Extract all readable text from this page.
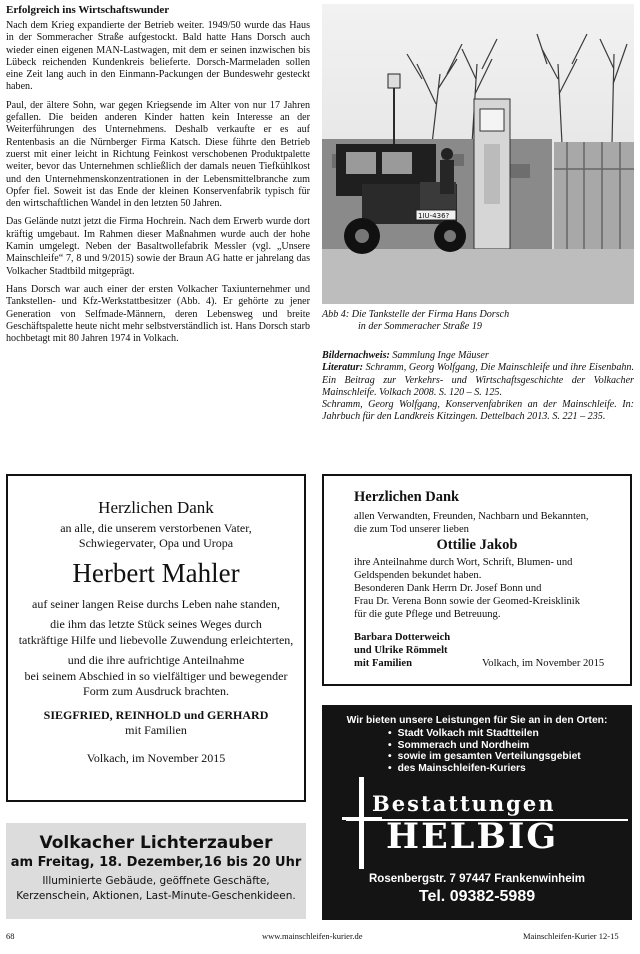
Erfolgreich ins Wirtschaftswunder

Nach dem Krieg expandierte der Betrieb weiter. 1949/50 wurde das Haus in der Sommeracher Straße aufgestockt. Bald hatte Hans Dorsch auch wieder einen eigenen MAN-Lastwagen, mit dem er seinen inzwischen bis Lübeck reichenden Kundenkreis belieferte. Dorsch-Marmeladen sollen eine Zeit lang auch in den Einmann-Packungen der Bundeswehr gesteckt haben.

Paul, der ältere Sohn, war gegen Kriegsende im Alter von nur 17 Jahren gefallen. Die beiden anderen Kinder hatten kein Interesse an der Weiterführungen des Unternehmens. Deshalb verkaufte er es auf Rentenbasis an die Nürnberger Firma Katsch. Diese führte den Betrieb zuerst mit einer leicht in Richtung Feinkost verschobenen Produktpalette weiter, bevor das Unternehmen schließlich der damals neuen Tiefkühlkost und den Unternehmenskonzentrationen in der Lebensmittelbranche zum Opfer fiel. Soweit ist das Ende der kleinen Konservenfabrik typisch für den wirtschaftlichen Wandel in den letzten 50 Jahren.

Das Gelände nutzt jetzt die Firma Hochrein. Nach dem Erwerb wurde dort kräftig umgebaut. Im Rahmen dieser Maßnahmen wurde auch der hohe Kamin umgelegt. Neben der Basaltwollefabrik Messler (vgl. „Unsere Mainschleife“ 7, 8 und 9/2015) sowie der Braun AG hatte er jahrelang das Volkacher Stadtbild mitgeprägt.

Hans Dorsch war auch einer der ersten Volkacher Taxiunternehmer und Tankstellen- und Kfz-Werkstattbesitzer (Abb. 4). Er gehörte zu jener Generation von Selfmade-Männern, deren Lebensweg und breite Geschäftspalette heute nicht mehr selbstverständlich ist. Hans Dorsch starb hochbetagt mit 80 Jahren 1974 in Volkach.

1IU-436?
Abb 4: Die Tankstelle der Firma Hans Dorsch
in der Sommeracher Straße 19

Bildernachweis: Sammlung Inge Mäuser

Literatur: Schramm, Georg Wolfgang, Die Mainschleife und ihre Eisenbahn. Ein Beitrag zur Verkehrs- und Wirtschaftsgeschichte der Volkacher Mainschleife. Volkach 2008. S. 120 – S. 125.

Schramm, Georg Wolfgang, Konservenfabriken an der Mainschleife. In: Jahrbuch für den Landkreis Kitzingen. Dettelbach 2013. S. 221 – 235.

Herzlichen Dank
an alle, die unserem verstorbenen Vater,
Schwiegervater, Opa und Uropa
Herbert Mahler
auf seiner langen Reise durchs Leben nahe standen,
die ihm das letzte Stück seines Weges durch
tatkräftige Hilfe und liebevolle Zuwendung erleichterten,
und die ihre aufrichtige Anteilnahme
bei seinem Abschied in so vielfältiger und bewegender
Form zum Ausdruck brachten.
SIEGFRIED, REINHOLD und GERHARD
mit Familien
Volkach, im November 2015
Herzlichen Dank
allen Verwandten, Freunden, Nachbarn und Bekannten,
die zum Tod unserer lieben
Ottilie Jakob
ihre Anteilnahme durch Wort, Schrift, Blumen- und
Geldspenden bekundet haben.
Besonderen Dank Herrn Dr. Josef Bonn und
Frau Dr. Verena Bonn sowie der Geomed-Kreisklinik
für die gute Pflege und Betreuung.
Barbara Dotterweich
und Ulrike Römmelt
mit Familien	Volkach, im November 2015
Wir bieten unsere Leistungen für Sie an in den Orten:
• Stadt Volkach mit Stadtteilen
• Sommerach und Nordheim
• sowie im gesamten Verteilungsgebiet
• des Mainschleifen-Kuriers
Bestattungen
HELBIG
Rosenbergstr. 7 97447 Frankenwinheim
Tel. 09382-5989
Volkacher Lichterzauber
am Freitag, 18. Dezember,16 bis 20 Uhr
Illuminierte Gebäude, geöffnete Geschäfte,
Kerzenschein, Aktionen, Last-Minute-Geschenkideen.
68	www.mainschleifen-kurier.de	Mainschleifen-Kurier 12-15
